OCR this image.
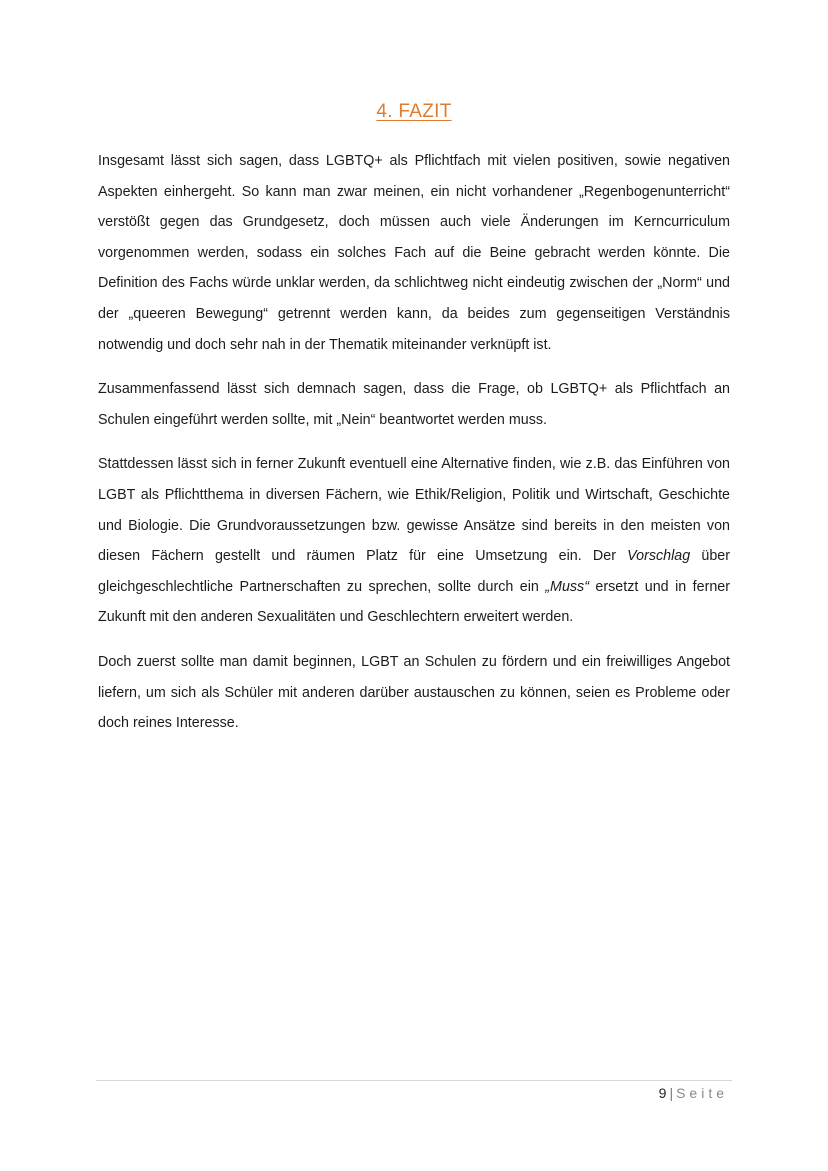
4. FAZIT

Insgesamt lässt sich sagen, dass LGBTQ+ als Pflichtfach mit vielen positiven, sowie negativen Aspekten einhergeht. So kann man zwar meinen, ein nicht vorhandener „Regenbogenunterricht“ verstößt gegen das Grundgesetz, doch müssen auch viele Änderungen im Kerncurriculum vorgenommen werden, sodass ein solches Fach auf die Beine gebracht werden könnte. Die Definition des Fachs würde unklar werden, da schlichtweg nicht eindeutig zwischen der „Norm“ und der „queeren Bewegung“ getrennt werden kann, da beides zum gegenseitigen Verständnis notwendig und doch sehr nah in der Thematik miteinander verknüpft ist.

Zusammenfassend lässt sich demnach sagen, dass die Frage, ob LGBTQ+ als Pflichtfach an Schulen eingeführt werden sollte, mit „Nein“ beantwortet werden muss.

Stattdessen lässt sich in ferner Zukunft eventuell eine Alternative finden, wie z.B. das Einführen von LGBT als Pflichtthema in diversen Fächern, wie Ethik/Religion, Politik und Wirtschaft, Geschichte und Biologie. Die Grundvoraussetzungen bzw. gewisse Ansätze sind bereits in den meisten von diesen Fächern gestellt und räumen Platz für eine Umsetzung ein. Der Vorschlag über gleichgeschlechtliche Partnerschaften zu sprechen, sollte durch ein „Muss“ ersetzt und in ferner Zukunft mit den anderen Sexualitäten und Geschlechtern erweitert werden.

Doch zuerst sollte man damit beginnen, LGBT an Schulen zu fördern und ein freiwilliges Angebot liefern, um sich als Schüler mit anderen darüber austauschen zu können, seien es Probleme oder doch reines Interesse.

9 | Seite
